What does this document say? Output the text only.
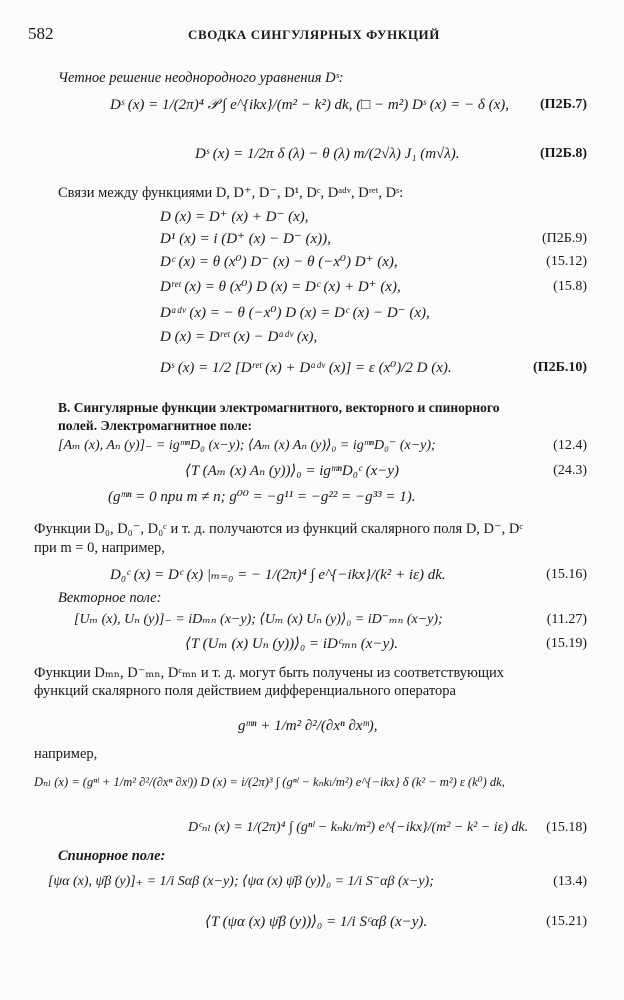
582	СВОДКА СИНГУЛЯРНЫХ ФУНКЦИЙ
Четное решение неоднородного уравнения Dˢ:
Dˢ (x) = 1/(2π)⁴ 𝒫 ∫ e^{ikx}/(m² − k²) dk, (□ − m²) Dˢ (x) = − δ (x), (П2Б.7)
Dˢ (x) = 1/2π δ (λ) − θ (λ) m/(2√λ) J₁ (m√λ).	(П2Б.8)
Связи между функциями D, D⁺, D⁻, D¹, Dᶜ, Dᵃᵈᵛ, Dʳᵉᵗ, Dˢ:
D (x) = D⁺ (x) + D⁻ (x),
D¹ (x) = i (D⁺ (x) − D⁻ (x)),	(П2Б.9)
Dᶜ (x) = θ (x⁰) D⁻ (x) − θ (−x⁰) D⁺ (x),	(15.12)
Dʳᵉᵗ (x) = θ (x⁰) D (x) = Dᶜ (x) + D⁺ (x),	(15.8)
Dᵃᵈᵛ (x) = − θ (−x⁰) D (x) = Dᶜ (x) − D⁻ (x),
D (x) = Dʳᵉᵗ (x) − Dᵃᵈᵛ (x),
Dˢ (x) = 1/2 [Dʳᵉᵗ (x) + Dᵃᵈᵛ (x)] = ε (x⁰)/2 D (x).	(П2Б.10)
В. Сингулярные функции электромагнитного, векторного и спинорного
полей. Электромагнитное поле:
[Aₘ (x), Aₙ (y)]₋ = igᵐⁿD₀ (x−y); ⟨Aₘ (x) Aₙ (y)⟩₀ = igᵐⁿD₀⁻ (x−y);	(12.4)
⟨T (Aₘ (x) Aₙ (y))⟩₀ = igᵐⁿD₀ᶜ (x−y)	(24.3)
(gᵐⁿ = 0 при m ≠ n; g⁰⁰ = −g¹¹ = −g²² = −g³³ = 1).
Функции D₀, D₀⁻, D₀ᶜ и т. д. получаются из функций скалярного поля D, D⁻, Dᶜ
при m = 0, например,
D₀ᶜ (x) = Dᶜ (x) |ₘ₌₀ = − 1/(2π)⁴ ∫ e^{−ikx}/(k² + iε) dk.	(15.16)
Векторное поле:
[Uₘ (x), Uₙ (y)]₋ = iDₘₙ (x−y); ⟨Uₘ (x) Uₙ (y)⟩₀ = iD⁻ₘₙ (x−y);	(11.27)
⟨T (Uₘ (x) Uₙ (y))⟩₀ = iDᶜₘₙ (x−y).	(15.19)
Функции Dₘₙ, D⁻ₘₙ, Dᶜₘₙ и т. д. могут быть получены из соответствующих
функций скалярного поля действием дифференциального оператора
gᵐⁿ + 1/m² ∂²/(∂xⁿ ∂xᵐ),
например,
Dₙₗ (x) = (gⁿˡ + 1/m² ∂²/(∂xⁿ ∂xˡ)) D (x) = i/(2π)³ ∫ (gⁿˡ − kₙkₗ/m²) e^{−ikx} δ (k² − m²) ε (k⁰) dk,
Dᶜₙₗ (x) = 1/(2π)⁴ ∫ (gⁿˡ − kₙkₗ/m²) e^{−ikx}/(m² − k² − iε) dk. (15.18)
Спинорное поле:
[ψα (x), ψ̄β (y)]₊ = 1/i Sαβ (x−y); ⟨ψα (x) ψ̄β (y)⟩₀ = 1/i S⁻αβ (x−y);	(13.4)
⟨T (ψα (x) ψ̄β (y))⟩₀ = 1/i Sᶜαβ (x−y).	(15.21)
